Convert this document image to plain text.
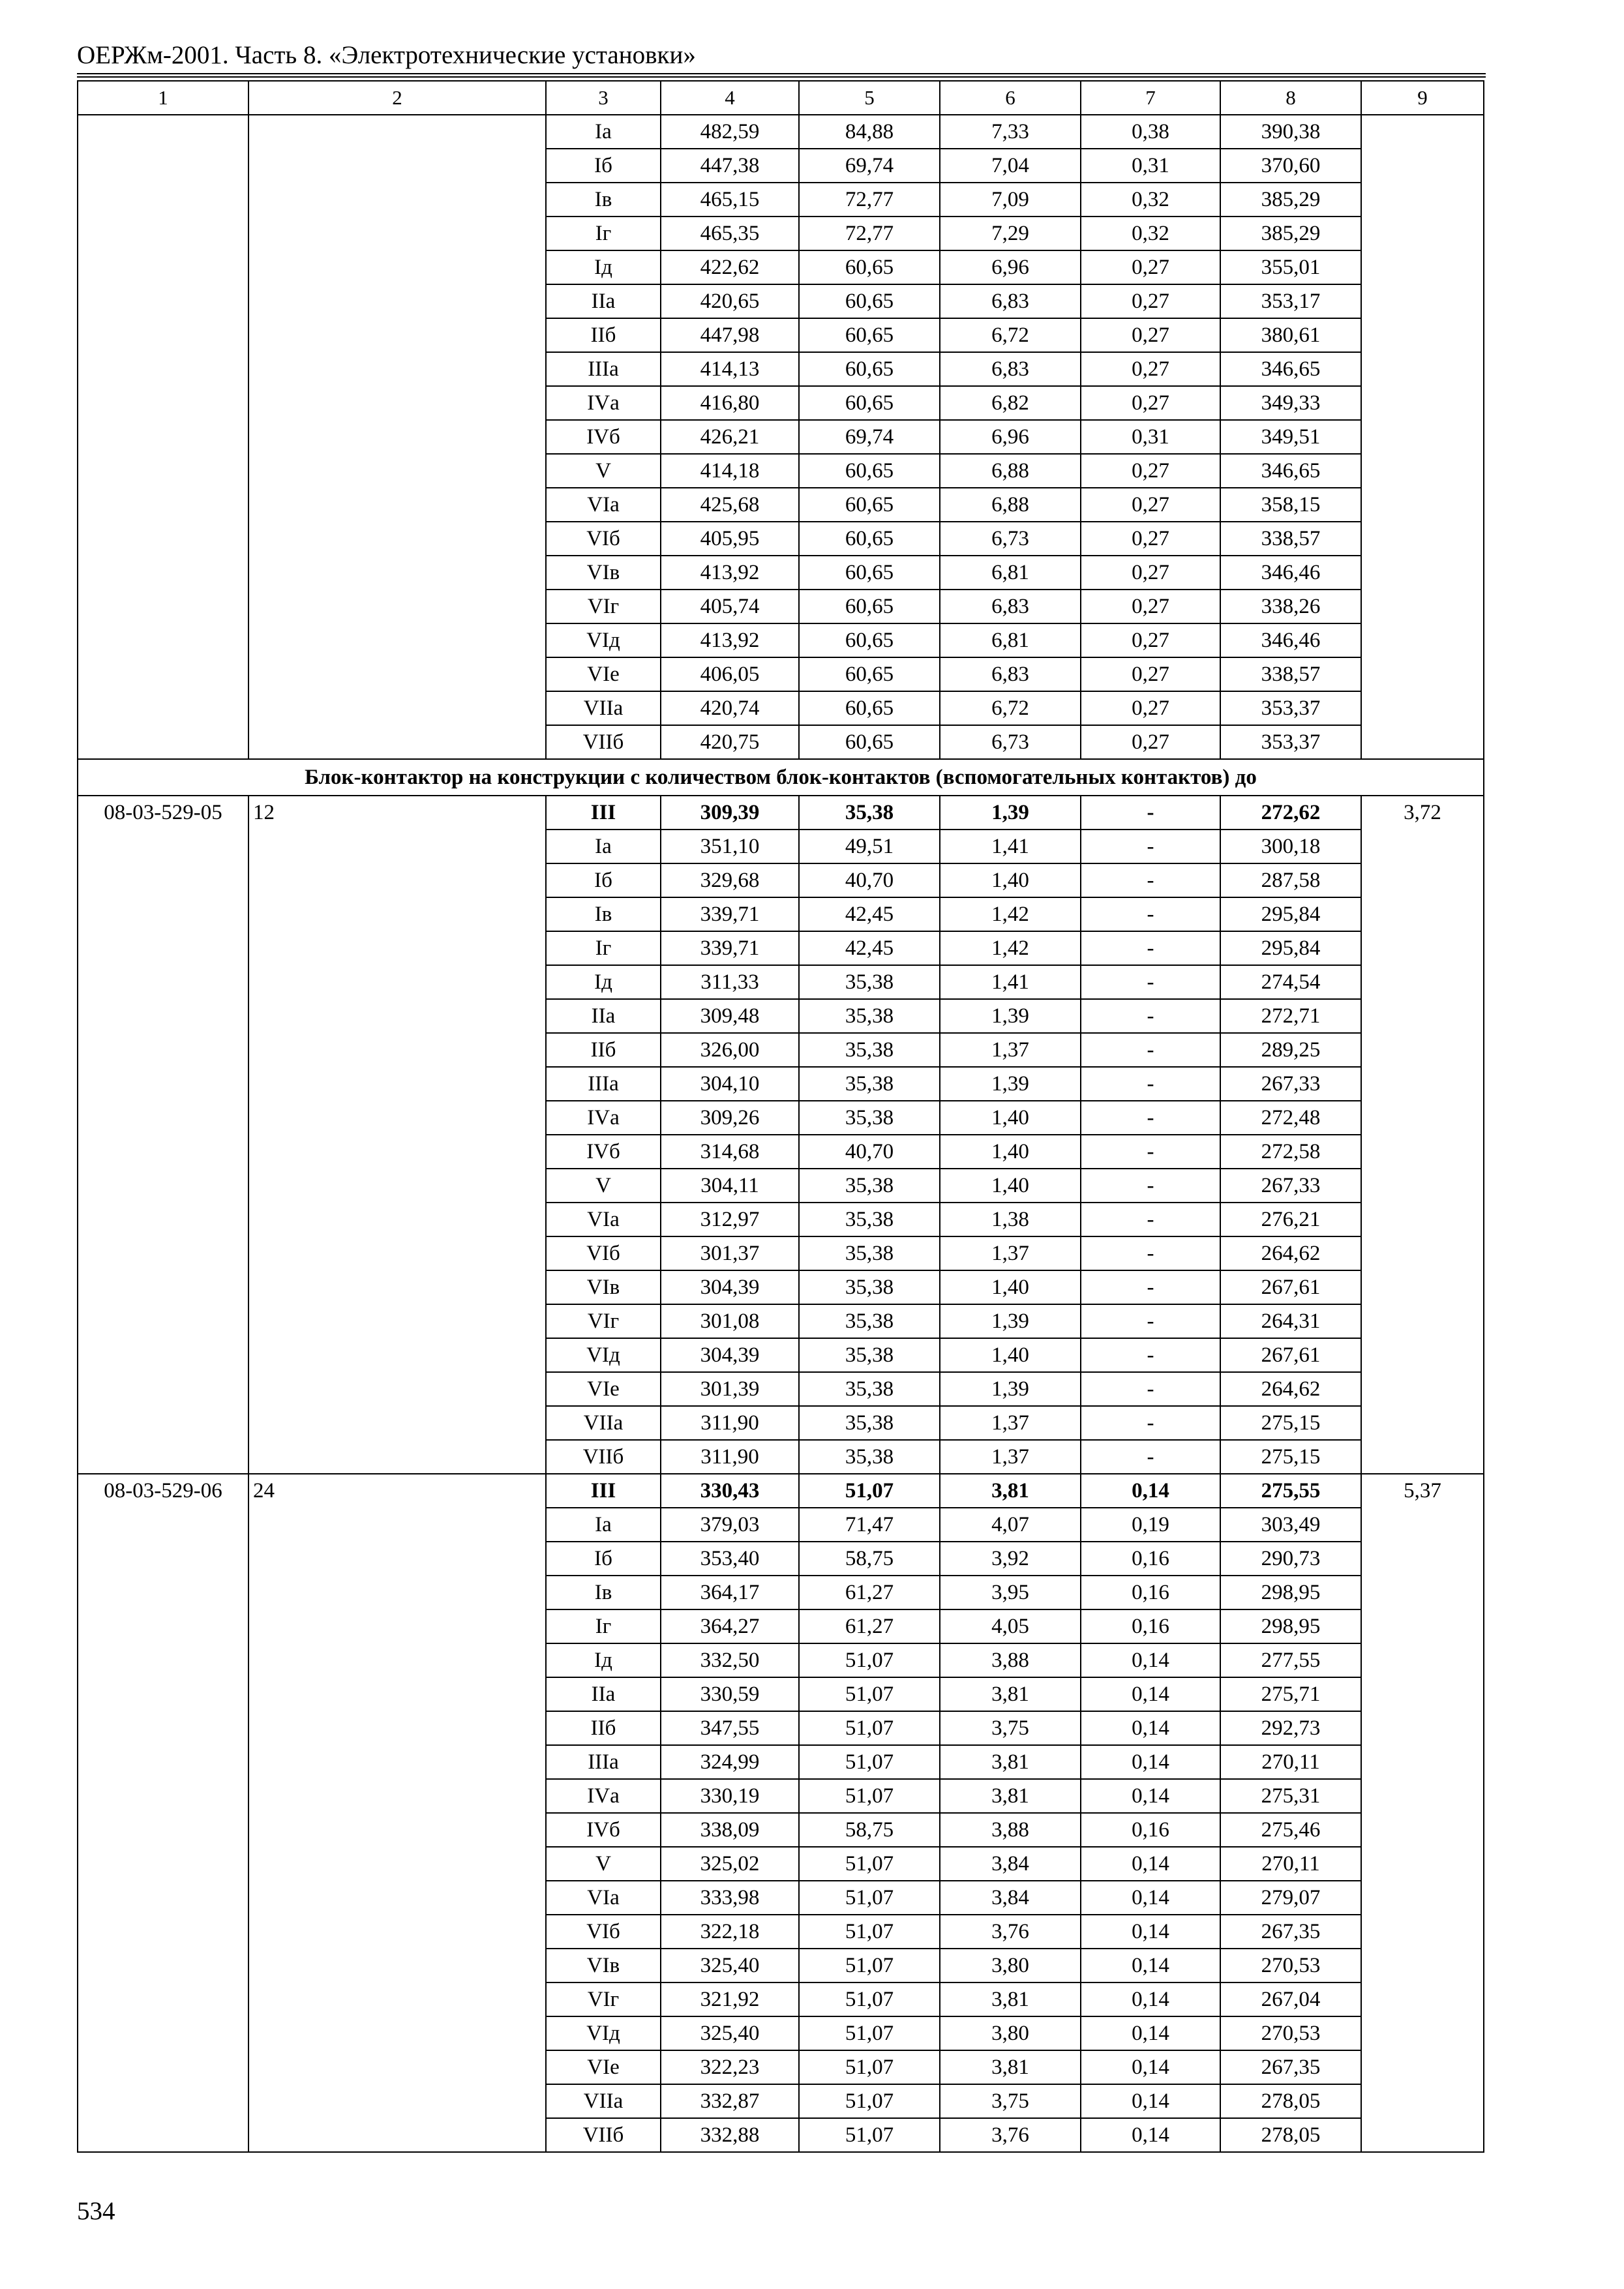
ОЕРЖм-2001. Часть 8. «Электротехнические установки»
1	2	3	4	5	6	7	8	9
		Iа	482,59	84,88	7,33	0,38	390,38	
		Iб	447,38	69,74	7,04	0,31	370,60	
		Iв	465,15	72,77	7,09	0,32	385,29	
		Iг	465,35	72,77	7,29	0,32	385,29	
		Iд	422,62	60,65	6,96	0,27	355,01	
		IIа	420,65	60,65	6,83	0,27	353,17	
		IIб	447,98	60,65	6,72	0,27	380,61	
		IIIа	414,13	60,65	6,83	0,27	346,65	
		IVа	416,80	60,65	6,82	0,27	349,33	
		IVб	426,21	69,74	6,96	0,31	349,51	
		V	414,18	60,65	6,88	0,27	346,65	
		VIа	425,68	60,65	6,88	0,27	358,15	
		VIб	405,95	60,65	6,73	0,27	338,57	
		VIв	413,92	60,65	6,81	0,27	346,46	
		VIг	405,74	60,65	6,83	0,27	338,26	
		VIд	413,92	60,65	6,81	0,27	346,46	
		VIе	406,05	60,65	6,83	0,27	338,57	
		VIIа	420,74	60,65	6,72	0,27	353,37	
		VIIб	420,75	60,65	6,73	0,27	353,37	
Блок-контактор на конструкции с количеством блок-контактов (вспомогательных контактов) до								
08-03-529-05	12	III	309,39	35,38	1,39	-	272,62	3,72
		Iа	351,10	49,51	1,41	-	300,18	
		Iб	329,68	40,70	1,40	-	287,58	
		Iв	339,71	42,45	1,42	-	295,84	
		Iг	339,71	42,45	1,42	-	295,84	
		Iд	311,33	35,38	1,41	-	274,54	
		IIа	309,48	35,38	1,39	-	272,71	
		IIб	326,00	35,38	1,37	-	289,25	
		IIIа	304,10	35,38	1,39	-	267,33	
		IVа	309,26	35,38	1,40	-	272,48	
		IVб	314,68	40,70	1,40	-	272,58	
		V	304,11	35,38	1,40	-	267,33	
		VIа	312,97	35,38	1,38	-	276,21	
		VIб	301,37	35,38	1,37	-	264,62	
		VIв	304,39	35,38	1,40	-	267,61	
		VIг	301,08	35,38	1,39	-	264,31	
		VIд	304,39	35,38	1,40	-	267,61	
		VIе	301,39	35,38	1,39	-	264,62	
		VIIа	311,90	35,38	1,37	-	275,15	
		VIIб	311,90	35,38	1,37	-	275,15	
08-03-529-06	24	III	330,43	51,07	3,81	0,14	275,55	5,37
		Iа	379,03	71,47	4,07	0,19	303,49	
		Iб	353,40	58,75	3,92	0,16	290,73	
		Iв	364,17	61,27	3,95	0,16	298,95	
		Iг	364,27	61,27	4,05	0,16	298,95	
		Iд	332,50	51,07	3,88	0,14	277,55	
		IIа	330,59	51,07	3,81	0,14	275,71	
		IIб	347,55	51,07	3,75	0,14	292,73	
		IIIа	324,99	51,07	3,81	0,14	270,11	
		IVа	330,19	51,07	3,81	0,14	275,31	
		IVб	338,09	58,75	3,88	0,16	275,46	
		V	325,02	51,07	3,84	0,14	270,11	
		VIа	333,98	51,07	3,84	0,14	279,07	
		VIб	322,18	51,07	3,76	0,14	267,35	
		VIв	325,40	51,07	3,80	0,14	270,53	
		VIг	321,92	51,07	3,81	0,14	267,04	
		VIд	325,40	51,07	3,80	0,14	270,53	
		VIе	322,23	51,07	3,81	0,14	267,35	
		VIIа	332,87	51,07	3,75	0,14	278,05	
		VIIб	332,88	51,07	3,76	0,14	278,05	
534
